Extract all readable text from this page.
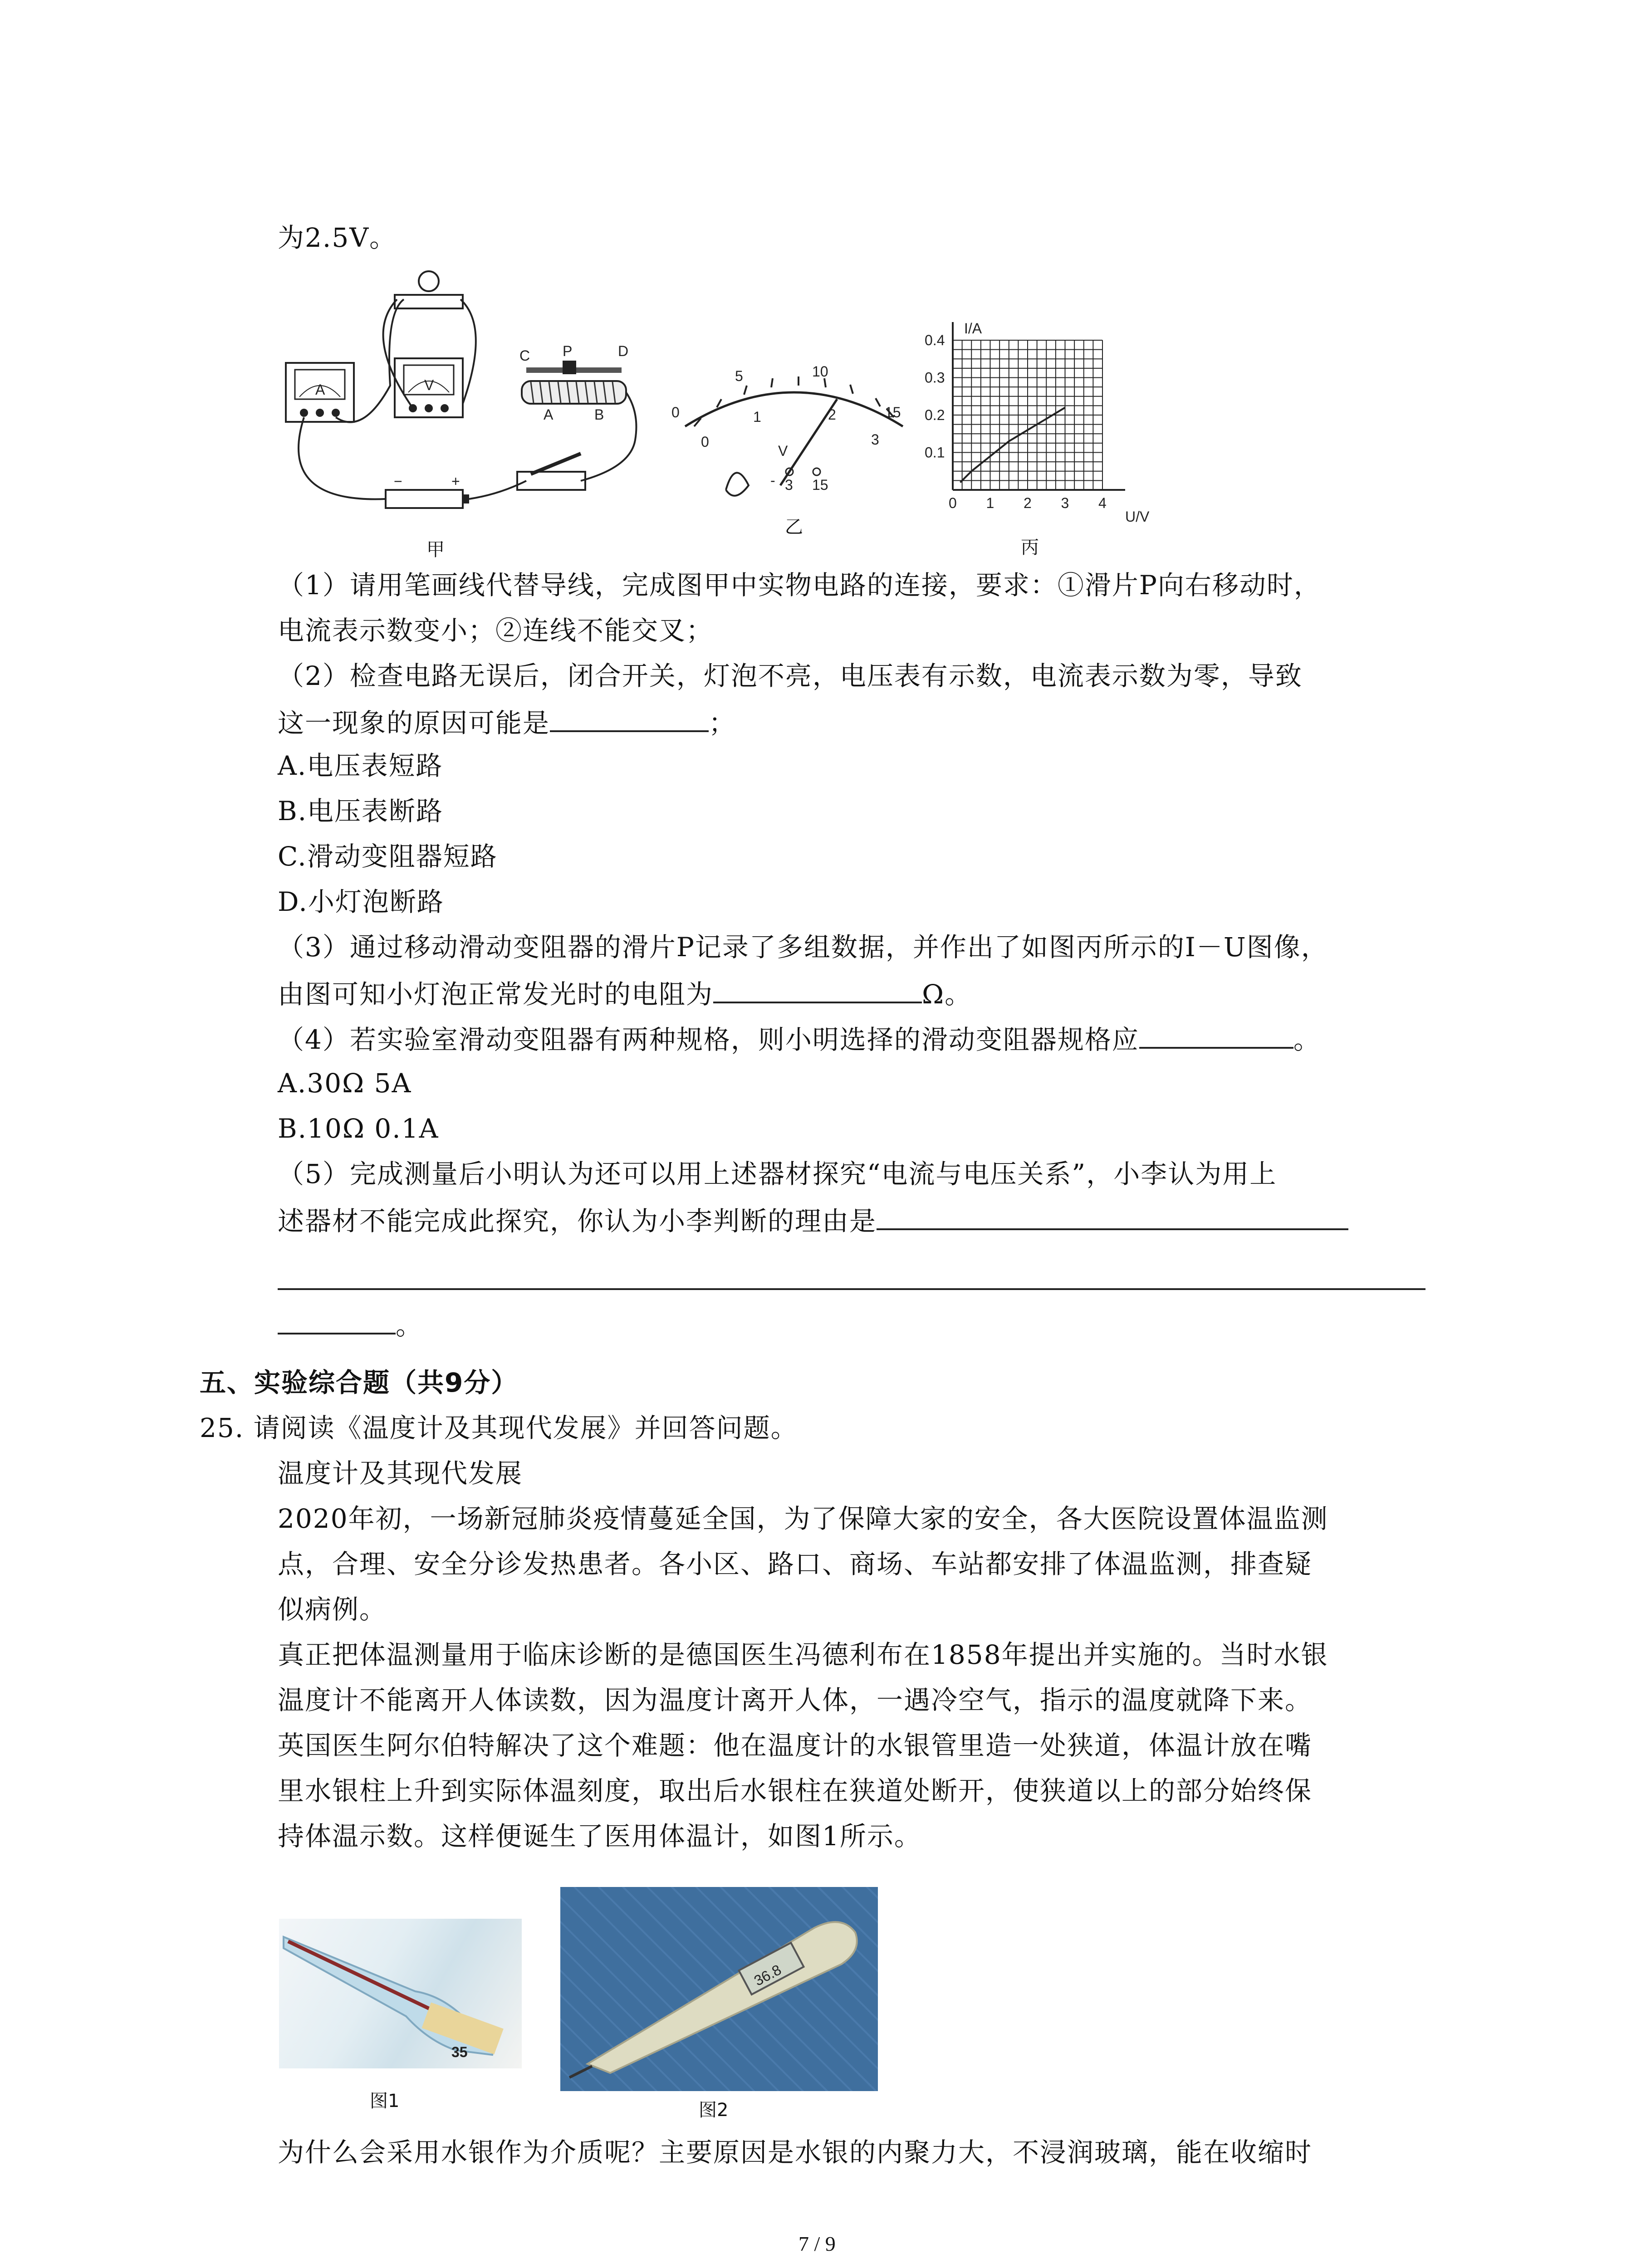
为2.5V。
A	V
C P	D
A	B
−	+
甲
0
5	10
15
0
1	2
3
V
- 3 15
乙
0 1 2 3 4
0.1
0.2
0.3
0.4
I/A
U/V
丙
（1）请用笔画线代替导线，完成图甲中实物电路的连接，要求：①滑片P向右移动时，
电流表示数变小；②连线不能交叉；
（2）检查电路无误后，闭合开关，灯泡不亮，电压表有示数，电流表示数为零，导致
这一现象的原因可能是	；
A.电压表短路
B.电压表断路
C.滑动变阻器短路
D.小灯泡断路
（3）通过移动滑动变阻器的滑片P记录了多组数据，并作出了如图丙所示的I－U图像，
由图可知小灯泡正常发光时的电阻为	Ω。
（4）若实验室滑动变阻器有两种规格，则小明选择的滑动变阻器规格应	。
A.30Ω 5A
B.10Ω 0.1A
（5）完成测量后小明认为还可以用上述器材探究“电流与电压关系”，小李认为用上
述器材不能完成此探究，你认为小李判断的理由是
。
五、实验综合题（共9分）
25. 请阅读《温度计及其现代发展》并回答问题。
温度计及其现代发展
2020年初，一场新冠肺炎疫情蔓延全国，为了保障大家的安全，各大医院设置体温监测
点，合理、安全分诊发热患者。各小区、路口、商场、车站都安排了体温监测，排查疑
似病例。
真正把体温测量用于临床诊断的是德国医生冯德利布在1858年提出并实施的。当时水银
温度计不能离开人体读数，因为温度计离开人体，一遇冷空气，指示的温度就降下来。
英国医生阿尔伯特解决了这个难题：他在温度计的水银管里造一处狭道，体温计放在嘴
里水银柱上升到实际体温刻度，取出后水银柱在狭道处断开，使狭道以上的部分始终保
持体温示数。这样便诞生了医用体温计，如图1所示。
35
图1
36.8
图2
为什么会采用水银作为介质呢？主要原因是水银的内聚力大，不浸润玻璃，能在收缩时
7 / 9
